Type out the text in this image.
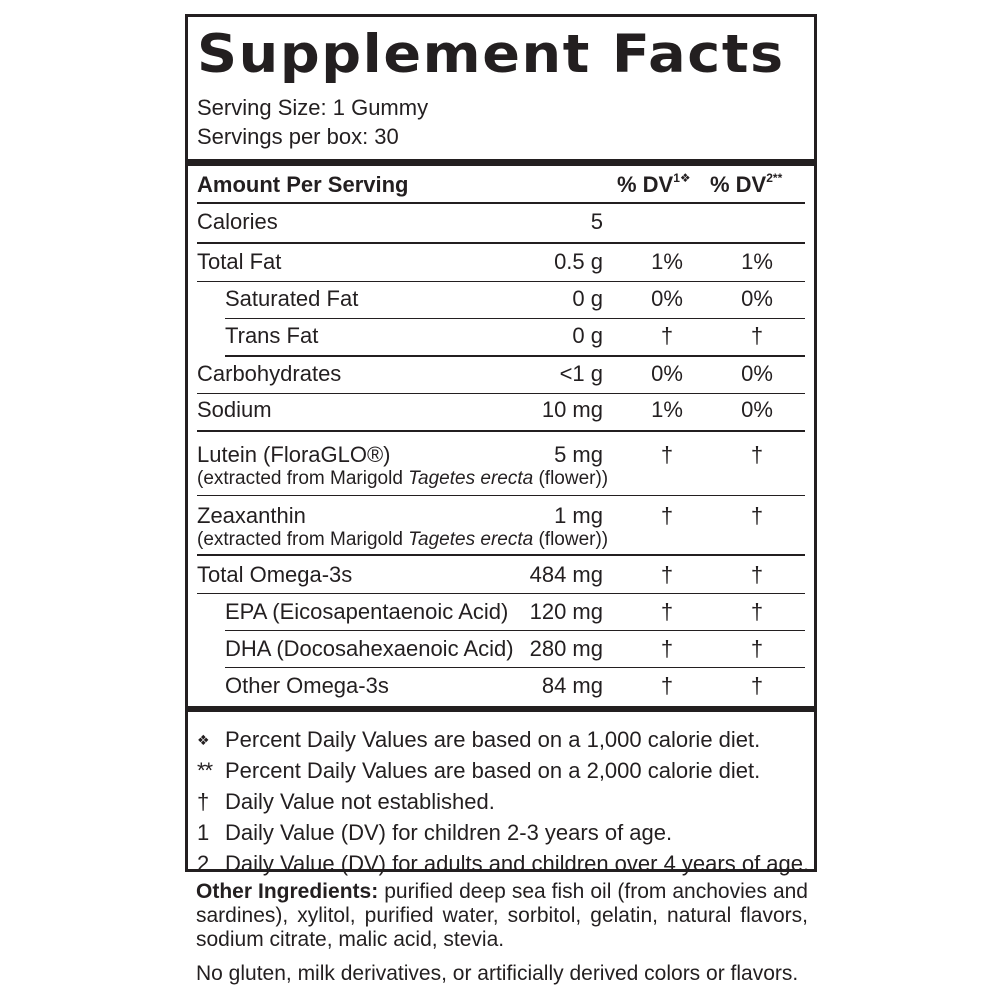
Supplement Facts
Serving Size: 1 Gummy
Servings per box: 30
Amount Per Serving	% $DV^{1❖}$ % $DV^{2**}$
Calories	5
Total Fat	0.5 g	1%	1%
Saturated Fat	0 g	0%	0%
Trans Fat	0 g	†	†
Carbohydrates	<1 g	0%	0%
Sodium	10 mg	1%	0%
Lutein (FloraGLO®)
(extracted from Marigold Tagetes erecta (flower))
5 mg	†	†
Zeaxanthin
(extracted from Marigold Tagetes erecta (flower))
1 mg	†	†
Total Omega-3s	484 mg	†	†
EPA (Eicosapentaenoic Acid) 120 mg	†	†
DHA (Docosahexaenoic Acid) 280 mg	†	†
Other Omega-3s	84 mg	†	†
❖ Percent Daily Values are based on a 1,000 calorie diet.
** Percent Daily Values are based on a 2,000 calorie diet.
† Daily Value not established.
1 Daily Value (DV) for children 2-3 years of age.
2 Daily Value (DV) for adults and children over 4 years of age.
Other Ingredients: purified deep sea fish oil (from anchovies and sardines), xylitol, purified water, sorbitol, gelatin, natural flavors, sodium citrate, malic acid, stevia.
No gluten, milk derivatives, or artificially derived colors or flavors.
